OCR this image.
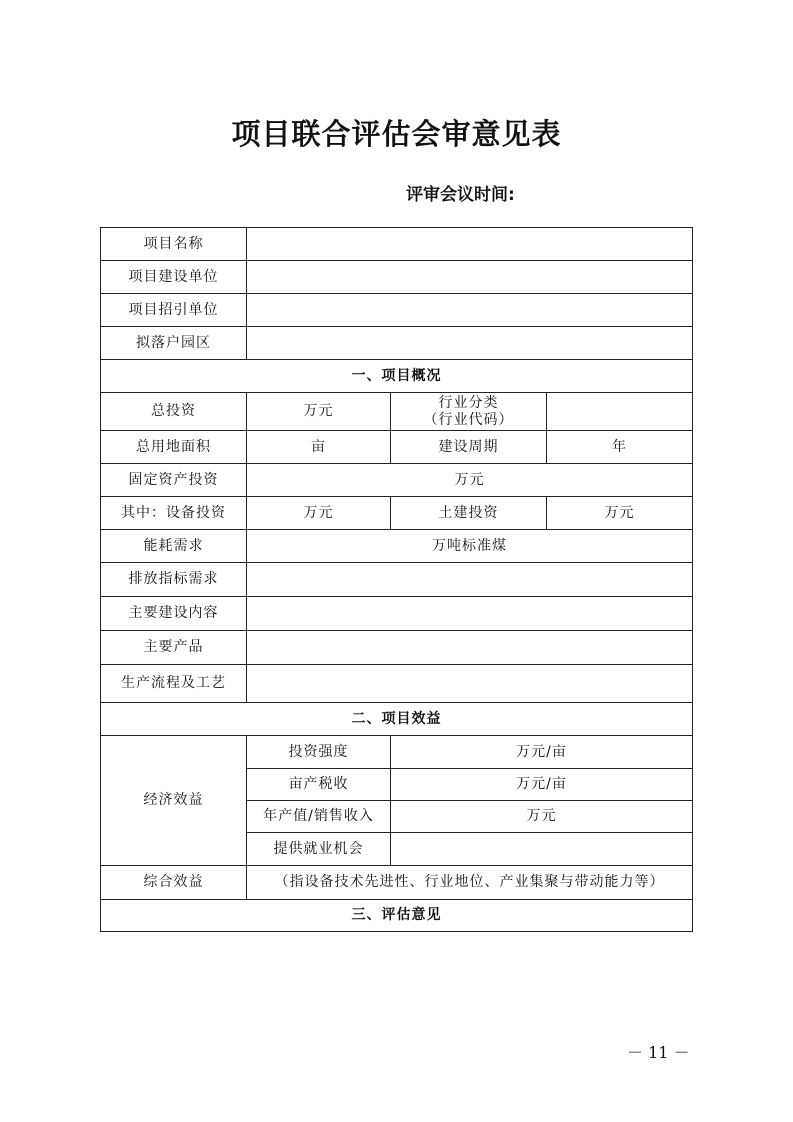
项目联合评估会审意见表
评审会议时间:
项目名称			
项目建设单位			
项目招引单位			
拟落户园区			
一、项目概况			
总投资	万元	行业分类
（行业代码）	

总用地面积	亩	建设周期	年
固定资产投资	万元		
其中：设备投资	万元	土建投资	万元
能耗需求	万吨标准煤		
排放指标需求			
主要建设内容			
主要产品			
生产流程及工艺			
二、项目效益			
经济效益	投资强度	万元/亩	
	亩产税收	万元/亩	
	年产值/销售收入	万元	
	提供就业机会		
综合效益	（指设备技术先进性、行业地位、产业集聚与带动能力等）		
三、评估意见			
－ 11 －
